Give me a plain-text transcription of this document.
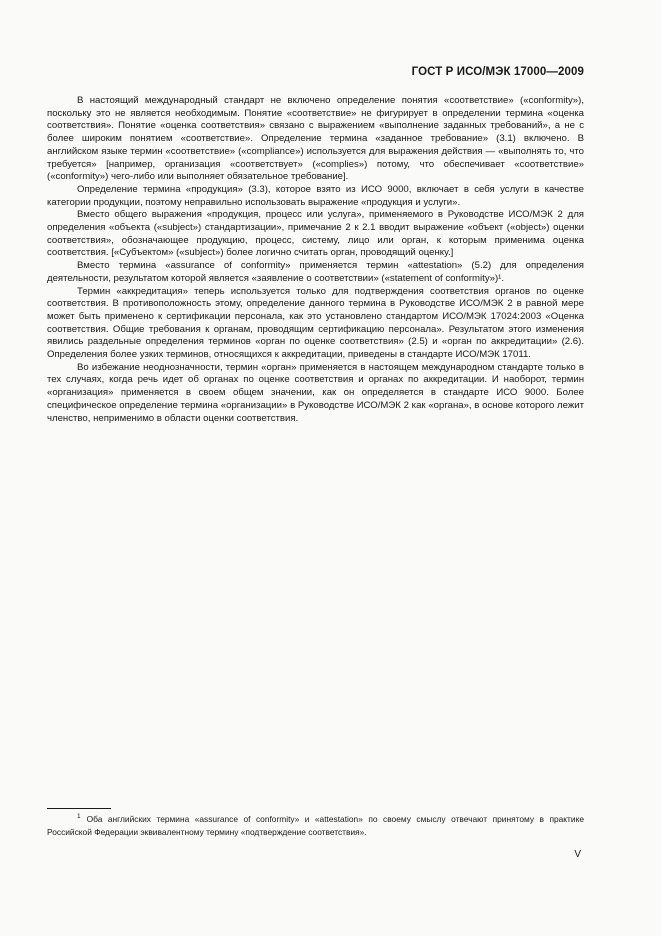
ГОСТ Р ИСО/МЭК 17000—2009

В настоящий международный стандарт не включено определение понятия «соответствие» («conformity»), поскольку это не является необходимым. Понятие «соответствие» не фигурирует в определении термина «оценка соответствия». Понятие «оценка соответствия» связано с выражением «выполнение заданных требований», а не с более широким понятием «соответствие». Определение термина «заданное требование» (3.1) включено. В английском языке термин «соответствие» («compliance») используется для выражения действия — «выполнять то, что требуется» [например, организация «соответствует» («complies») потому, что обеспечивает «соответствие» («conformity») чего-либо или выполняет обязательное требование].

Определение термина «продукция» (3.3), которое взято из ИСО 9000, включает в себя услуги в качестве категории продукции, поэтому неправильно использовать выражение «продукция и услуги».

Вместо общего выражения «продукция, процесс или услуга», применяемого в Руководстве ИСО/МЭК 2 для определения «объекта («subject») стандартизации», примечание 2 к 2.1 вводит выражение «объект («object») оценки соответствия», обозначающее продукцию, процесс, систему, лицо или орган, к которым применима оценка соответствия. [«Субъектом» («subject») более логично считать орган, проводящий оценку.]

Вместо термина «assurance of conformity» применяется термин «attestation» (5.2) для определения деятельности, результатом которой является «заявление о соответствии» («statement of conformity»)¹.

Термин «аккредитация» теперь используется только для подтверждения соответствия органов по оценке соответствия. В противоположность этому, определение данного термина в Руководстве ИСО/МЭК 2 в равной мере может быть применено к сертификации персонала, как это установлено стандартом ИСО/МЭК 17024:2003 «Оценка соответствия. Общие требования к органам, проводящим сертификацию персонала». Результатом этого изменения явились раздельные определения терминов «орган по оценке соответствия» (2.5) и «орган по аккредитации» (2.6). Определения более узких терминов, относящихся к аккредитации, приведены в стандарте ИСО/МЭК 17011.

Во избежание неоднозначности, термин «орган» применяется в настоящем международном стандарте только в тех случаях, когда речь идет об органах по оценке соответствия и органах по аккредитации. И наоборот, термин «организация» применяется в своем общем значении, как он определяется в стандарте ИСО 9000. Более специфическое определение термина «организации» в Руководстве ИСО/МЭК 2 как «органа», в основе которого лежит членство, неприменимо в области оценки соответствия.

1 Оба английских термина «assurance of conformity» и «attestation» по своему смыслу отвечают принятому в практике Российской Федерации эквивалентному термину «подтверждение соответствия».
V
